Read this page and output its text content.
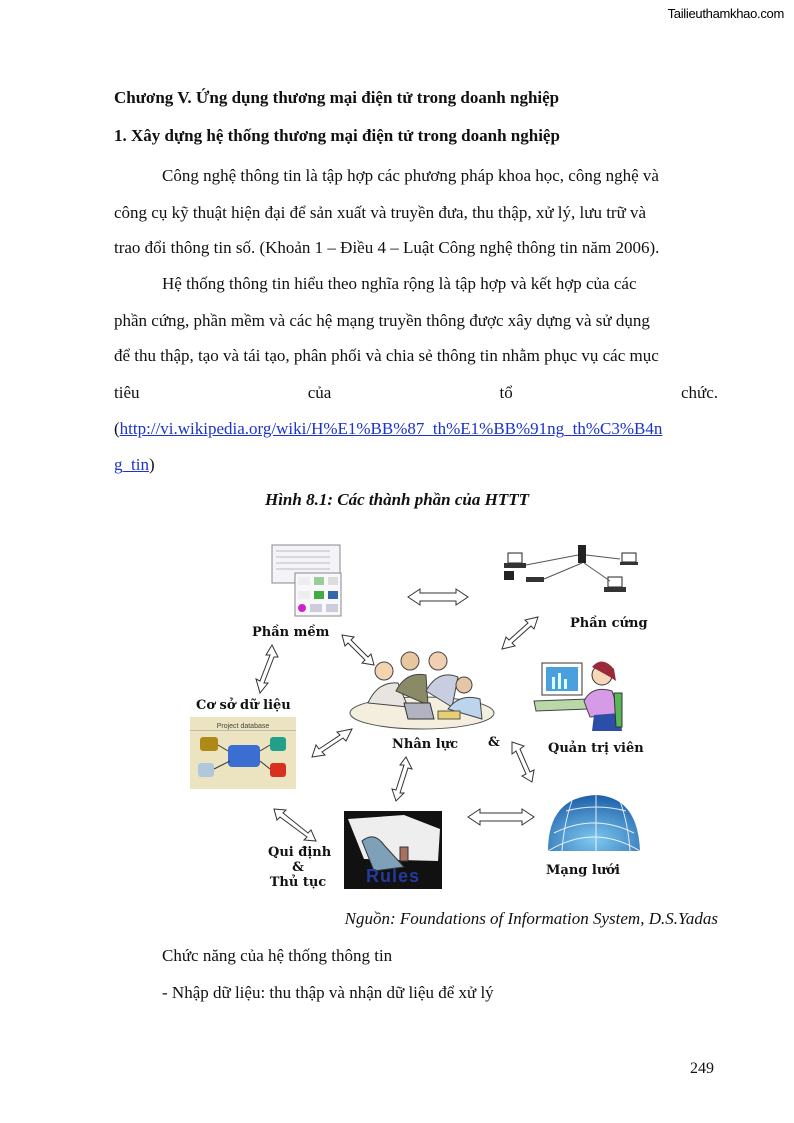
Tailieuthamkhao.com
Chương V. Ứng dụng thương mại điện tử trong doanh nghiệp
1. Xây dựng hệ thống thương mại điện tử trong doanh nghiệp
Công nghệ thông tin là tập hợp các phương pháp khoa học, công nghệ và
công cụ kỹ thuật hiện đại để sản xuất và truyền đưa, thu thập, xử lý, lưu trữ và
trao đổi thông tin số. (Khoản 1 – Điều 4 – Luật Công nghệ thông tin năm 2006).
Hệ thống thông tin hiểu theo nghĩa rộng là tập hợp và kết hợp của các
phần cứng, phần mềm và các hệ mạng truyền thông được xây dựng và sử dụng
để thu thập, tạo và tái tạo, phân phối và chia sẻ thông tin nhằm phục vụ các mục
tiêu	của	tổ	chức.
(http://vi.wikipedia.org/wiki/H%E1%BB%87_th%E1%BB%91ng_th%C3%B4n
g_tin)
Hình 8.1: Các thành phần của HTTT
Phần mềm
Phần cứng
Nhân lực &	Quản trị viên
Cơ sở dữ liệu
Project database
Rules
Qui định
&
Thủ tục
Mạng lưới
Nguồn: Foundations of Information System, D.S.Yadas
Chức năng của hệ thống thông tin
- Nhập dữ liệu: thu thập và nhận dữ liệu để xử lý
249
